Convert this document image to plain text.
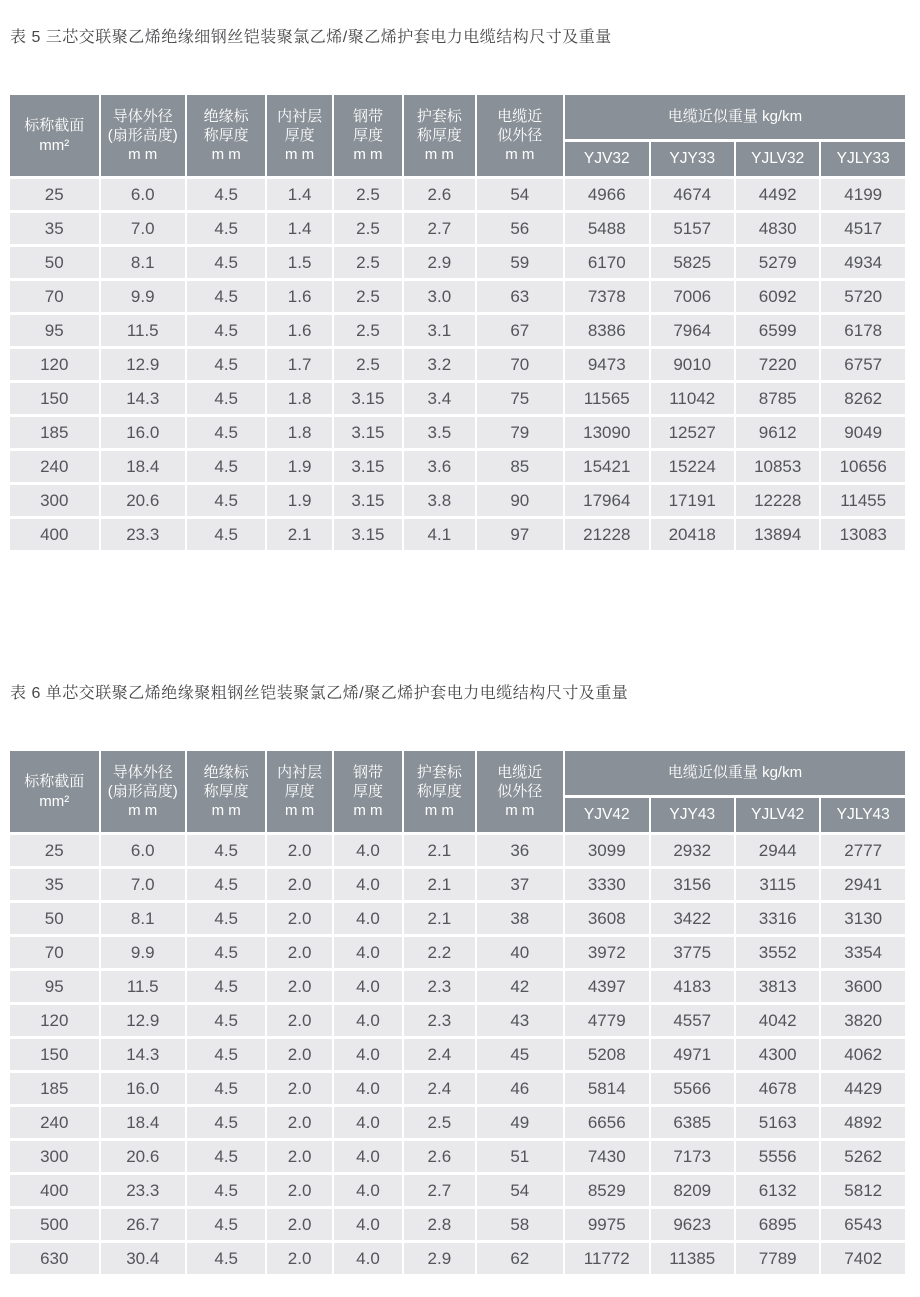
表 5 三芯交联聚乙烯绝缘细钢丝铠装聚氯乙烯/聚乙烯护套电力电缆结构尺寸及重量
标称截面
mm²	导体外径
(扇形高度)
m m	绝缘标
称厚度
m m	内衬层
厚度
m m	钢带
厚度
m m	护套标
称厚度
m m	电缆近
似外径
m m	电缆近似重量 kg/km			
							YJV32	YJY33	YJLV32	YJLY33
25	6.0	4.5	1.4	2.5	2.6	54	4966	4674	4492	4199
35	7.0	4.5	1.4	2.5	2.7	56	5488	5157	4830	4517
50	8.1	4.5	1.5	2.5	2.9	59	6170	5825	5279	4934
70	9.9	4.5	1.6	2.5	3.0	63	7378	7006	6092	5720
95	11.5	4.5	1.6	2.5	3.1	67	8386	7964	6599	6178
120	12.9	4.5	1.7	2.5	3.2	70	9473	9010	7220	6757
150	14.3	4.5	1.8	3.15	3.4	75	11565	11042	8785	8262
185	16.0	4.5	1.8	3.15	3.5	79	13090	12527	9612	9049
240	18.4	4.5	1.9	3.15	3.6	85	15421	15224	10853	10656
300	20.6	4.5	1.9	3.15	3.8	90	17964	17191	12228	11455
400	23.3	4.5	2.1	3.15	4.1	97	21228	20418	13894	13083
表 6 单芯交联聚乙烯绝缘聚粗钢丝铠装聚氯乙烯/聚乙烯护套电力电缆结构尺寸及重量
标称截面
mm²	导体外径
(扇形高度)
m m	绝缘标
称厚度
m m	内衬层
厚度
m m	钢带
厚度
m m	护套标
称厚度
m m	电缆近
似外径
m m	电缆近似重量 kg/km			
							YJV42	YJY43	YJLV42	YJLY43
25	6.0	4.5	2.0	4.0	2.1	36	3099	2932	2944	2777
35	7.0	4.5	2.0	4.0	2.1	37	3330	3156	3115	2941
50	8.1	4.5	2.0	4.0	2.1	38	3608	3422	3316	3130
70	9.9	4.5	2.0	4.0	2.2	40	3972	3775	3552	3354
95	11.5	4.5	2.0	4.0	2.3	42	4397	4183	3813	3600
120	12.9	4.5	2.0	4.0	2.3	43	4779	4557	4042	3820
150	14.3	4.5	2.0	4.0	2.4	45	5208	4971	4300	4062
185	16.0	4.5	2.0	4.0	2.4	46	5814	5566	4678	4429
240	18.4	4.5	2.0	4.0	2.5	49	6656	6385	5163	4892
300	20.6	4.5	2.0	4.0	2.6	51	7430	7173	5556	5262
400	23.3	4.5	2.0	4.0	2.7	54	8529	8209	6132	5812
500	26.7	4.5	2.0	4.0	2.8	58	9975	9623	6895	6543
630	30.4	4.5	2.0	4.0	2.9	62	11772	11385	7789	7402
